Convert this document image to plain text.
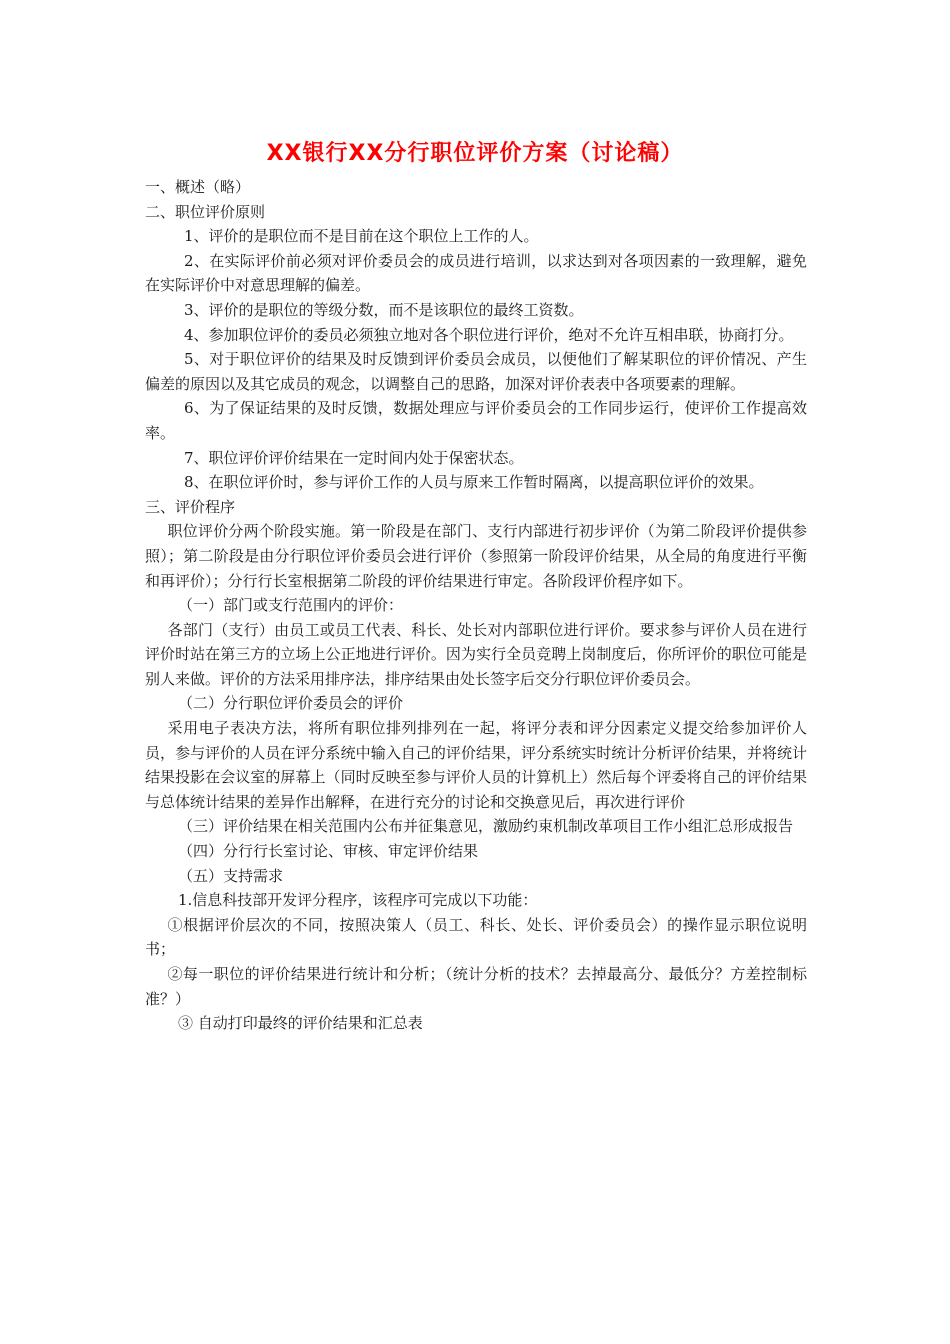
XX银行XX分行职位评价方案（讨论稿）

一、概述（略）

二、职位评价原则

1、评价的是职位而不是目前在这个职位上工作的人。

2、在实际评价前必须对评价委员会的成员进行培训，以求达到对各项因素的一致理解，避免在实际评价中对意思理解的偏差。

3、评价的是职位的等级分数，而不是该职位的最终工资数。

4、参加职位评价的委员必须独立地对各个职位进行评价，绝对不允许互相串联，协商打分。

5、对于职位评价的结果及时反馈到评价委员会成员，以便他们了解某职位的评价情况、产生偏差的原因以及其它成员的观念，以调整自己的思路，加深对评价表表中各项要素的理解。

6、为了保证结果的及时反馈，数据处理应与评价委员会的工作同步运行，使评价工作提高效率。

7、职位评价评价结果在一定时间内处于保密状态。

8、在职位评价时，参与评价工作的人员与原来工作暂时隔离，以提高职位评价的效果。

三、评价程序

职位评价分两个阶段实施。第一阶段是在部门、支行内部进行初步评价（为第二阶段评价提供参照）；第二阶段是由分行职位评价委员会进行评价（参照第一阶段评价结果，从全局的角度进行平衡和再评价）；分行行长室根据第二阶段的评价结果进行审定。各阶段评价程序如下。

（一）部门或支行范围内的评价：

各部门（支行）由员工或员工代表、科长、处长对内部职位进行评价。要求参与评价人员在进行评价时站在第三方的立场上公正地进行评价。因为实行全员竞聘上岗制度后，你所评价的职位可能是别人来做。评价的方法采用排序法，排序结果由处长签字后交分行职位评价委员会。

（二）分行职位评价委员会的评价

采用电子表决方法，将所有职位排列排列在一起，将评分表和评分因素定义提交给参加评价人员，参与评价的人员在评分系统中输入自己的评价结果，评分系统实时统计分析评价结果，并将统计结果投影在会议室的屏幕上（同时反映至参与评价人员的计算机上）然后每个评委将自己的评价结果与总体统计结果的差异作出解释，在进行充分的讨论和交换意见后，再次进行评价

（三）评价结果在相关范围内公布并征集意见，激励约束机制改革项目工作小组汇总形成报告

（四）分行行长室讨论、审核、审定评价结果

（五）支持需求

1.信息科技部开发评分程序，该程序可完成以下功能：

①根据评价层次的不同，按照决策人（员工、科长、处长、评价委员会）的操作显示职位说明书；

②每一职位的评价结果进行统计和分析；（统计分析的技术？去掉最高分、最低分？方差控制标准？）

③ 自动打印最终的评价结果和汇总表
